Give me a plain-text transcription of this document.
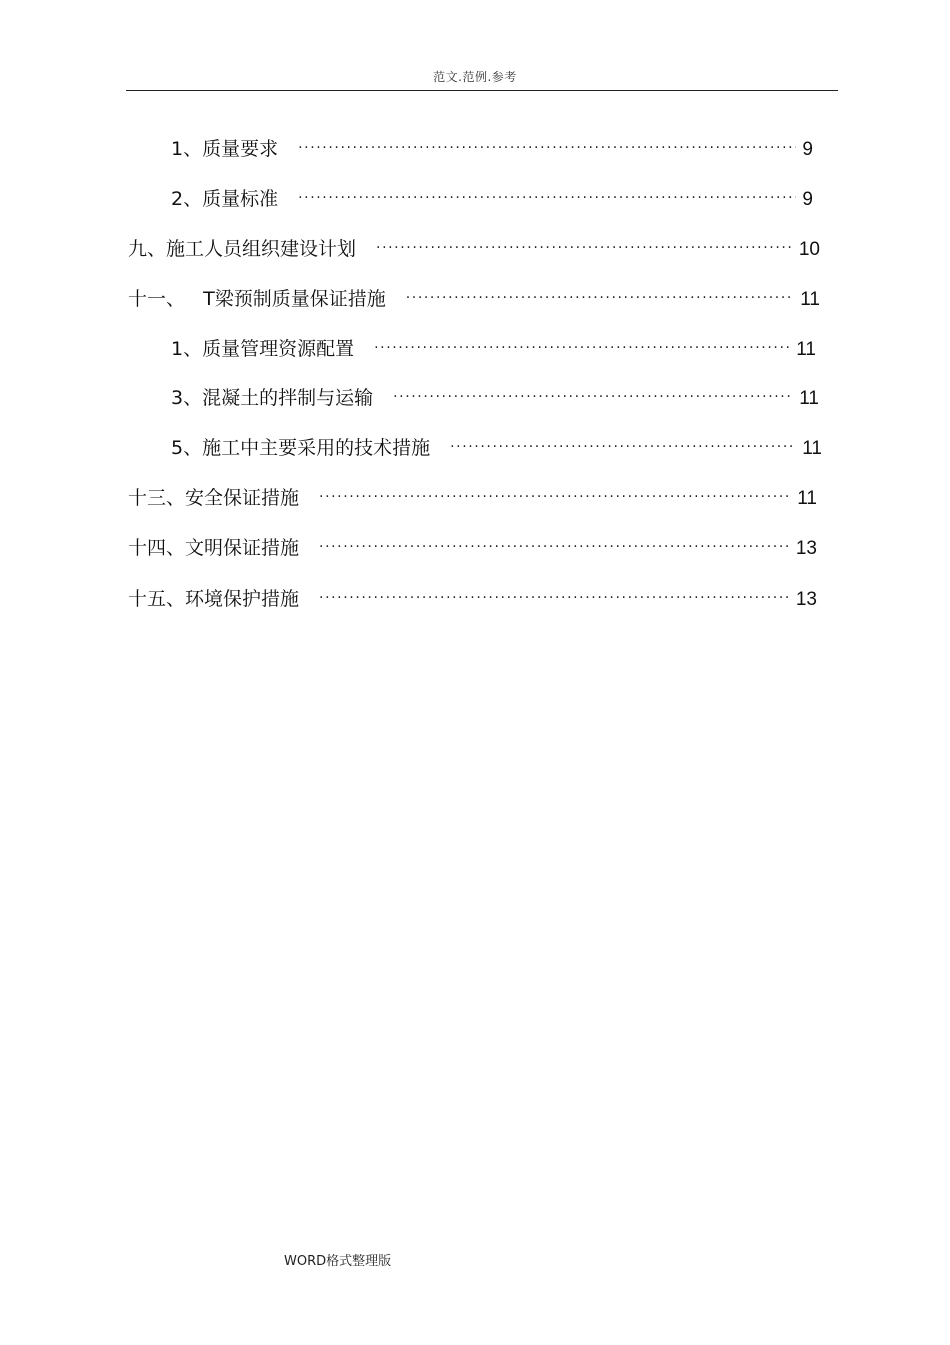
范文.范例.参考
1、质量要求 .....	9
2、质量标准 .....	9
九、施工人员组织建设计划 .....	10
十一、   T梁预制质量保证措施 .....	11
1、质量管理资源配置 .....	11
3、混凝土的拌制与运输 .....	11
5、施工中主要采用的技术措施 .....	11
十三、安全保证措施 .....	11
十四、文明保证措施 .....	13
十五、环境保护措施 .....	13
WORD格式整理版
